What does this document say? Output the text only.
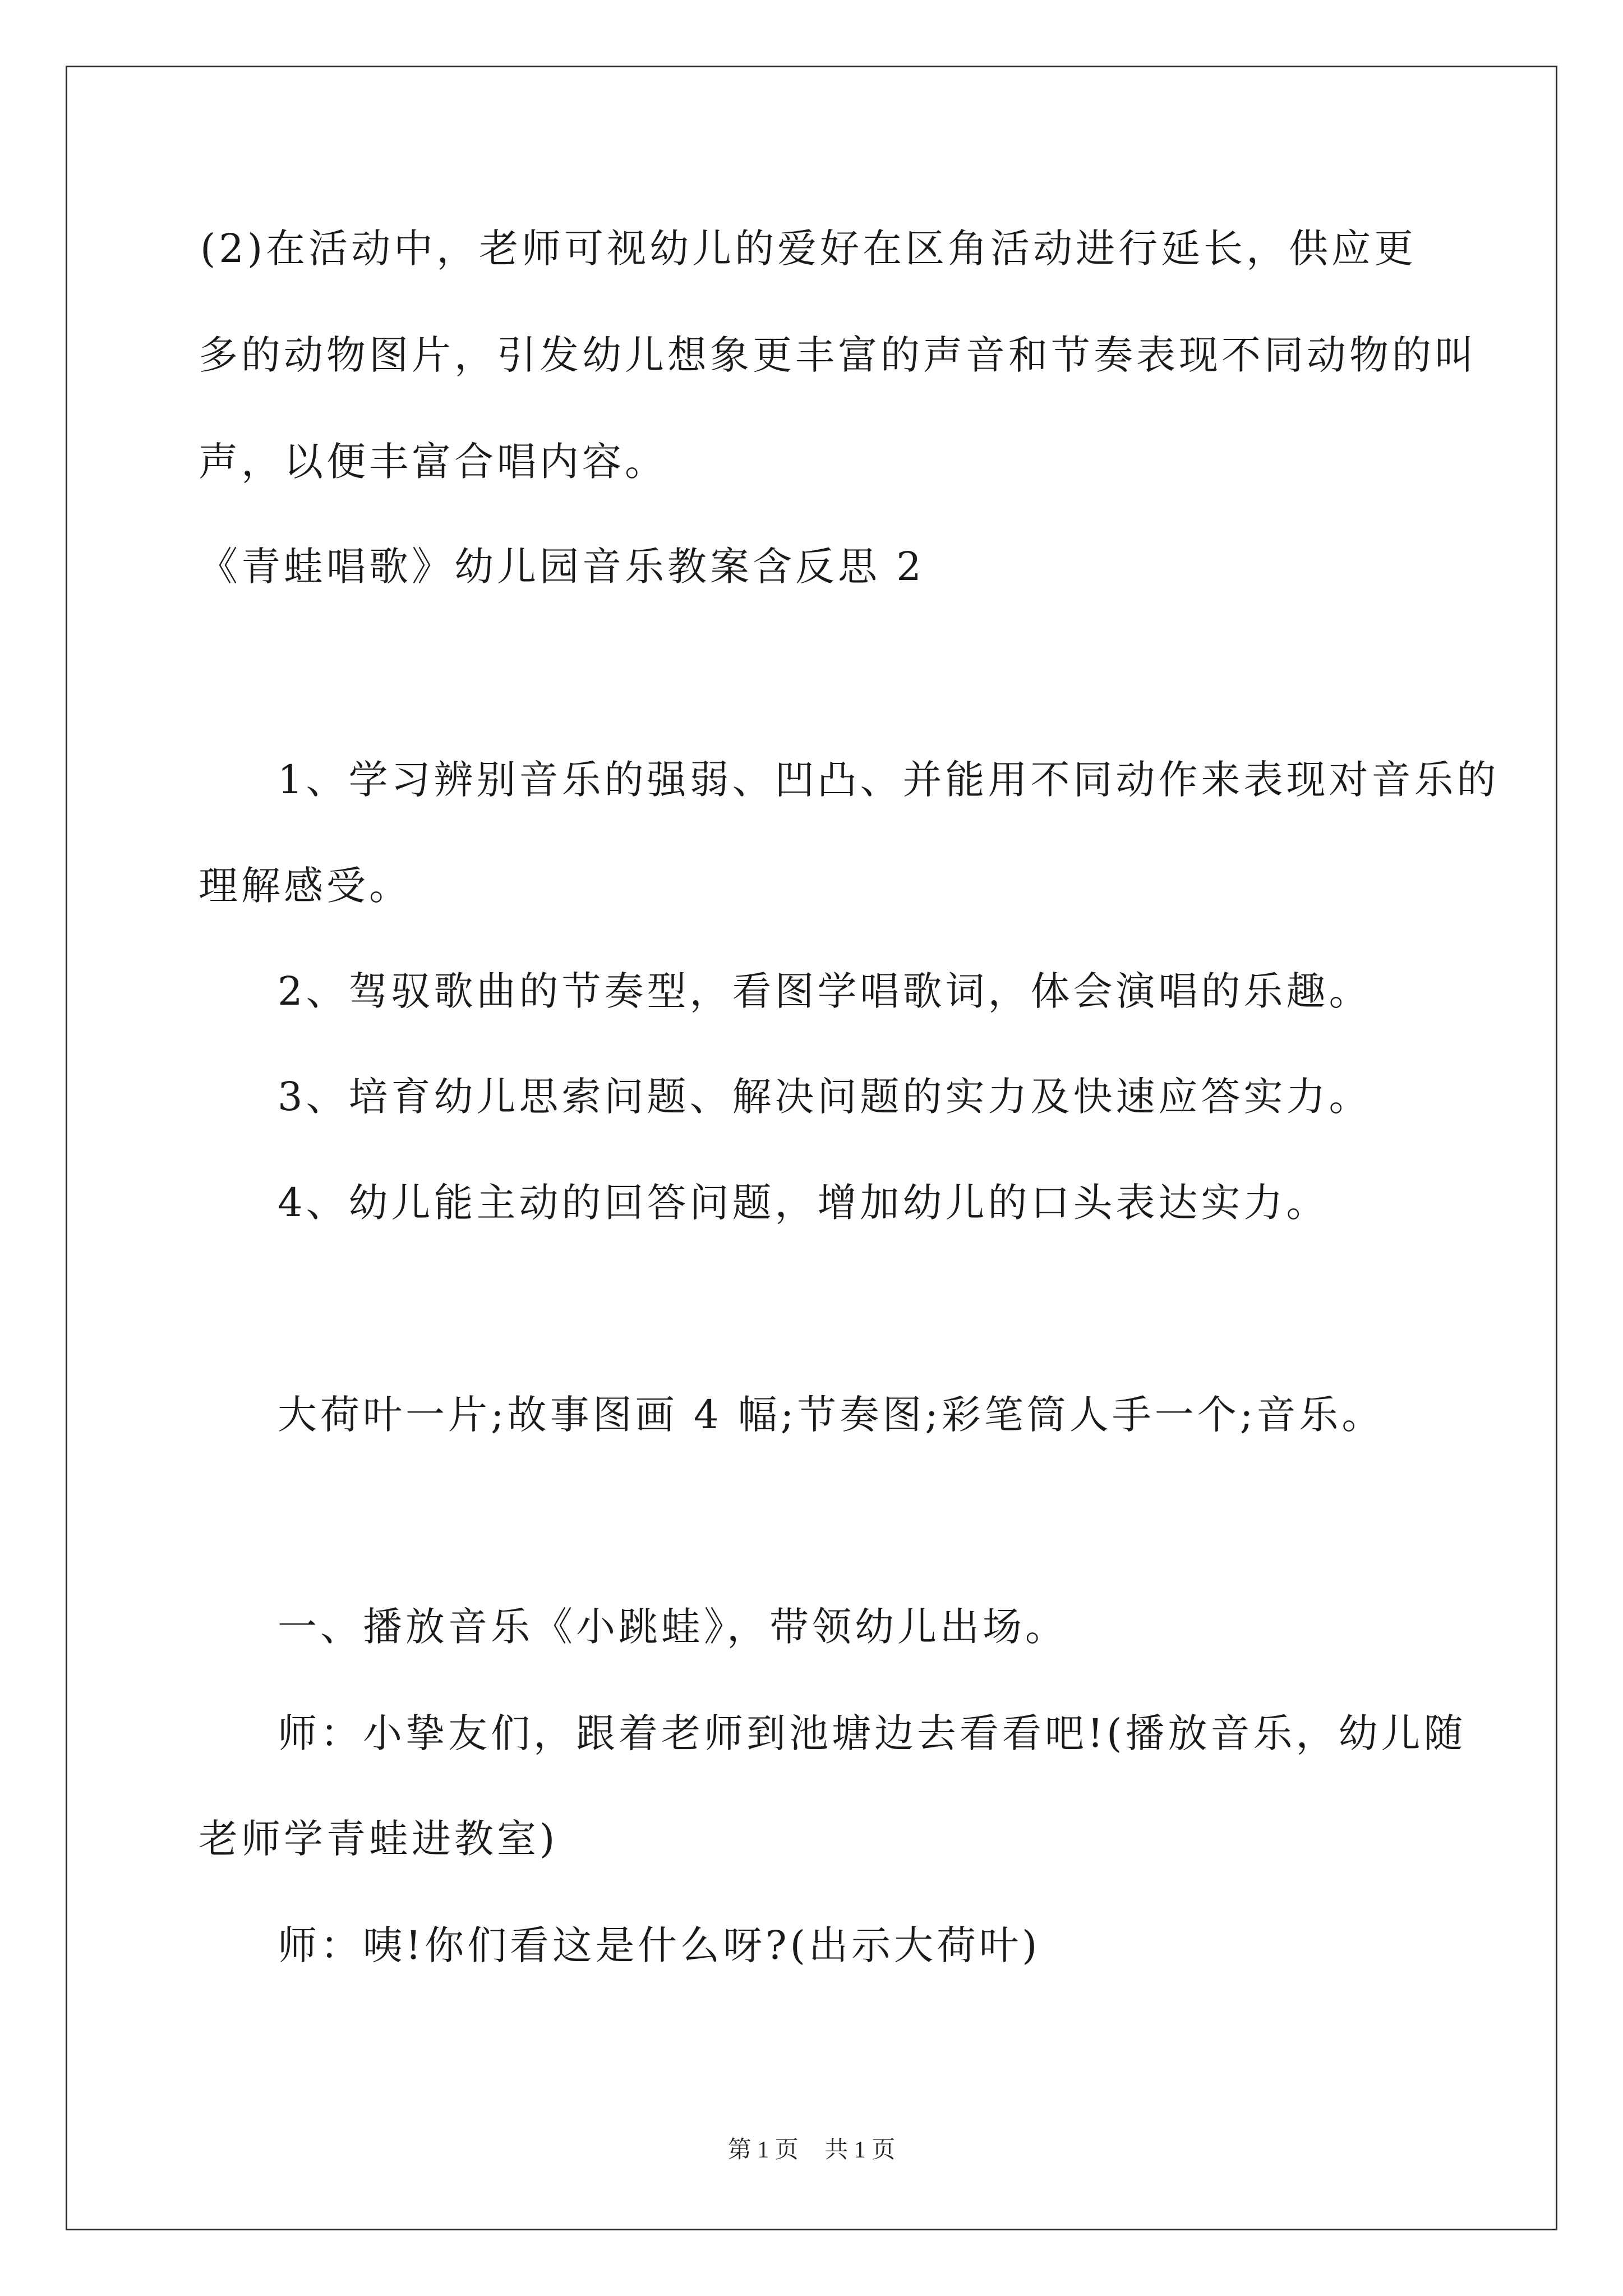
(2)在活动中，老师可视幼儿的爱好在区角活动进行延长，供应更
多的动物图片，引发幼儿想象更丰富的声音和节奏表现不同动物的叫
声，以便丰富合唱内容。
《青蛙唱歌》幼儿园音乐教案含反思 2
1、学习辨别音乐的强弱、凹凸、并能用不同动作来表现对音乐的
理解感受。
2、驾驭歌曲的节奏型，看图学唱歌词，体会演唱的乐趣。
3、培育幼儿思索问题、解决问题的实力及快速应答实力。
4、幼儿能主动的回答问题，增加幼儿的口头表达实力。
大荷叶一片;故事图画 4 幅;节奏图;彩笔筒人手一个;音乐。
一、播放音乐《小跳蛙》，带领幼儿出场。
师：小挚友们，跟着老师到池塘边去看看吧!(播放音乐，幼儿随
老师学青蛙进教室)
师：咦!你们看这是什么呀?(出示大荷叶)
第 1 页 共 1 页
